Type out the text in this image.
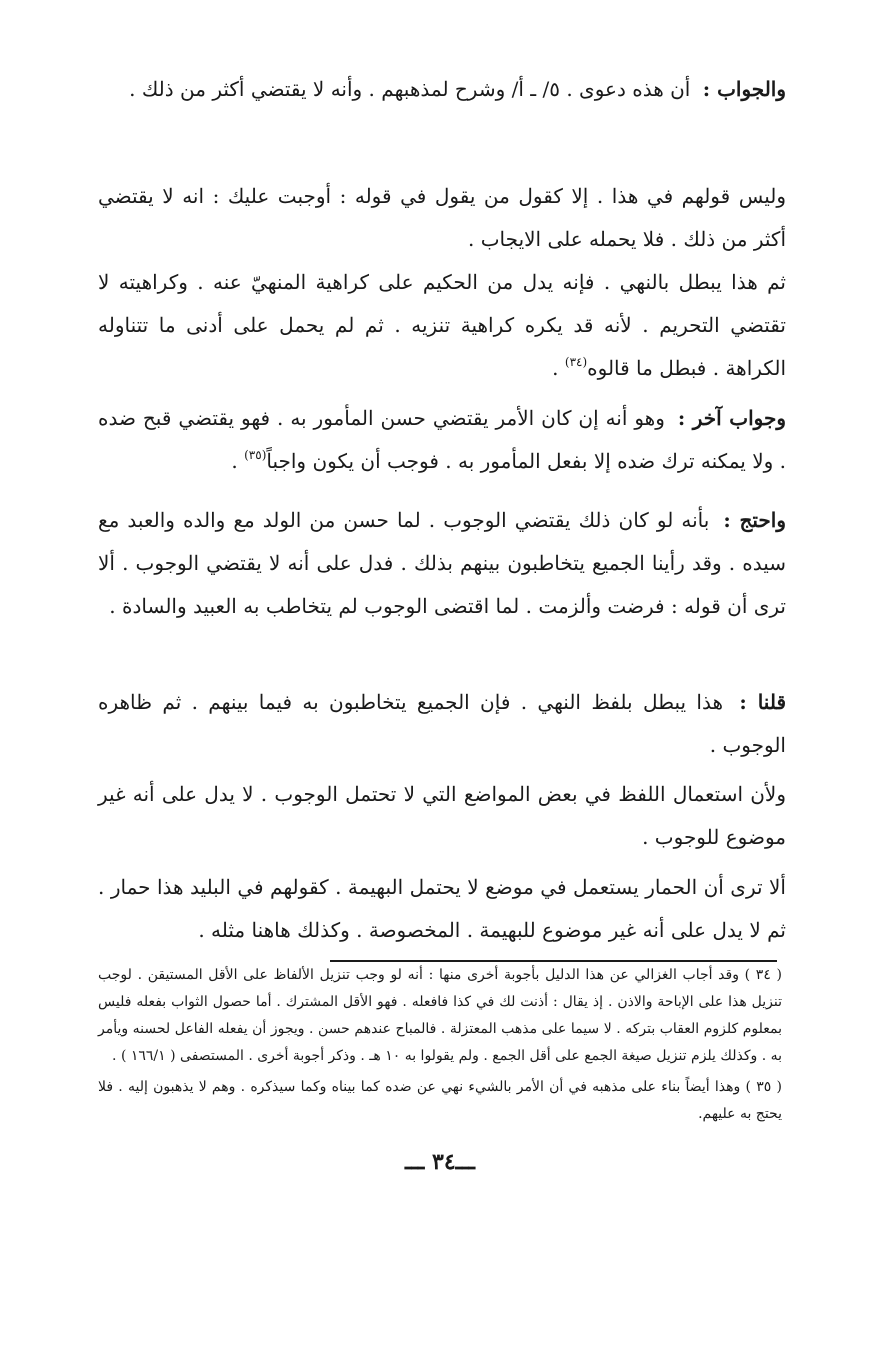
والجواب : أن هذه دعوى . ٥/ ـ أ/ وشرح لمذهبهم . وأنه لا يقتضي أكثر من ذلك .

وليس قولهم في هذا . إلا كقول من يقول في قوله : أوجبت عليك : انه لا يقتضي أكثر من ذلك . فلا يحمله على الايجاب .

ثم هذا يبطل بالنهي . فإنه يدل من الحكيم على كراهية المنهيّ عنه . وكراهيته لا تقتضي التحريم . لأنه قد يكره كراهية تنزيه . ثم لم يحمل على أدنى ما تتناوله الكراهة . فبطل ما قالوه$^{(٣٤)}$ .

وجواب آخر : وهو أنه إن كان الأمر يقتضي حسن المأمور به . فهو يقتضي قبح ضده . ولا يمكنه ترك ضده إلا بفعل المأمور به . فوجب أن يكون واجباً$^{(٣٥)}$ .

واحتج : بأنه لو كان ذلك يقتضي الوجوب . لما حسن من الولد مع والده والعبد مع سيده . وقد رأينا الجميع يتخاطبون بينهم بذلك . فدل على أنه لا يقتضي الوجوب . ألا ترى أن قوله : فرضت وألزمت . لما اقتضى الوجوب لم يتخاطب به العبيد والسادة .

قلنا : هذا يبطل بلفظ النهي . فإن الجميع يتخاطبون به فيما بينهم . ثم ظاهره الوجوب .

ولأن استعمال اللفظ في بعض المواضع التي لا تحتمل الوجوب . لا يدل على أنه غير موضوع للوجوب .

ألا ترى أن الحمار يستعمل في موضع لا يحتمل البهيمة . كقولهم في البليد هذا حمار . ثم لا يدل على أنه غير موضوع للبهيمة . المخصوصة . وكذلك هاهنا مثله .

( ٣٤ ) وقد أجاب الغزالي عن هذا الدليل بأجوبة أخرى منها : أنه لو وجب تنزيل الألفاظ على الأقل المستيقن . لوجب تنزيل هذا على الإباحة والاذن . إذ يقال : أذنت لك في كذا فافعله . فهو الأقل المشترك . أما حصول الثواب بفعله فليس بمعلوم كلزوم العقاب بتركه . لا سيما على مذهب المعتزلة . فالمباح عندهم حسن . ويجوز أن يفعله الفاعل لحسنه ويأمر به . وكذلك يلزم تنزيل صيغة الجمع على أقل الجمع . ولم يقولوا به ١٠ هـ . وذكر أجوبة أخرى . المستصفى ( ١٦٦/١ ) .

( ٣٥ ) وهذا أيضاً بناء على مذهبه في أن الأمر بالشيء نهي عن ضده كما بيناه وكما سيذكره . وهم لا يذهبون إليه . فلا يحتج به عليهم.

ـــ٣٤ ـــ
